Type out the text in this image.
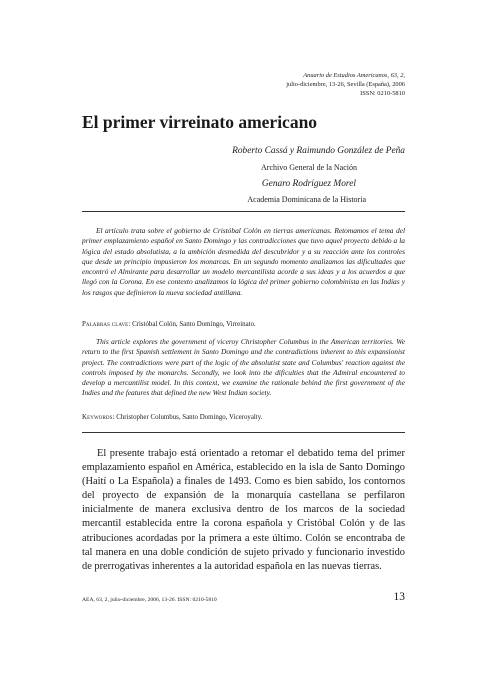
Anuario de Estudios Americanos, 63, 2,
julio-diciembre, 13-26, Sevilla (España), 2006
ISSN: 0210-5810
El primer virreinato americano
Roberto Cassá y Raimundo González de Peña
Archivo General de la Nación
Genaro Rodríguez Morel
Academia Dominicana de la Historia

El artículo trata sobre el gobierno de Cristóbal Colón en tierras americanas. Retomamos el tema del primer emplazamiento español en Santo Domingo y las contradicciones que tuvo aquel proyecto debido a la lógica del estado absolutista, a la ambición desmedida del descubridor y a su reacción ante los controles que desde un principio impusieron los monarcas. En un segundo momento analizamos las dificultades que encontró el Almirante para desarrollar un modelo mercantilista acorde a sus ideas y a los acuerdos a que llegó con la Corona. En ese contexto analizamos la lógica del primer gobierno colombinista en las Indias y los rasgos que definieron la nueva sociedad antillana.

Palabras clave: Cristóbal Colón, Santo Domingo, Virreinato.

This article explores the government of viceroy Christopher Columbus in the American territories. We return to the first Spanish settlement in Santo Domingo and the contradictions inherent to this expansionist project. The contradictions were part of the logic of the absolutist state and Columbus' reaction against the controls imposed by the monarchs. Secondly, we look into the dificulties that the Admiral encountered to develop a mercantilist model. In this context, we examine the rationale behind the first government of the Indies and the features that defined the new West Indian society.

Keywords: Christopher Columbus, Santo Domingo, Viceroyalty.

El presente trabajo está orientado a retomar el debatido tema del primer emplazamiento español en América, establecido en la isla de Santo Domingo (Haití o La Española) a finales de 1493. Como es bien sabido, los contornos del proyecto de expansión de la monarquía castellana se perfilaron inicialmente de manera exclusiva dentro de los marcos de la sociedad mercantil establecida entre la corona española y Cristóbal Colón y de las atribuciones acordadas por la primera a este último. Colón se encontraba de tal manera en una doble condición de sujeto privado y funcionario investido de prerrogativas inherentes a la autoridad española en las nuevas tierras.

AEA, 63, 2, julio-diciembre, 2006, 13-26. ISSN: 0210-5810	13
